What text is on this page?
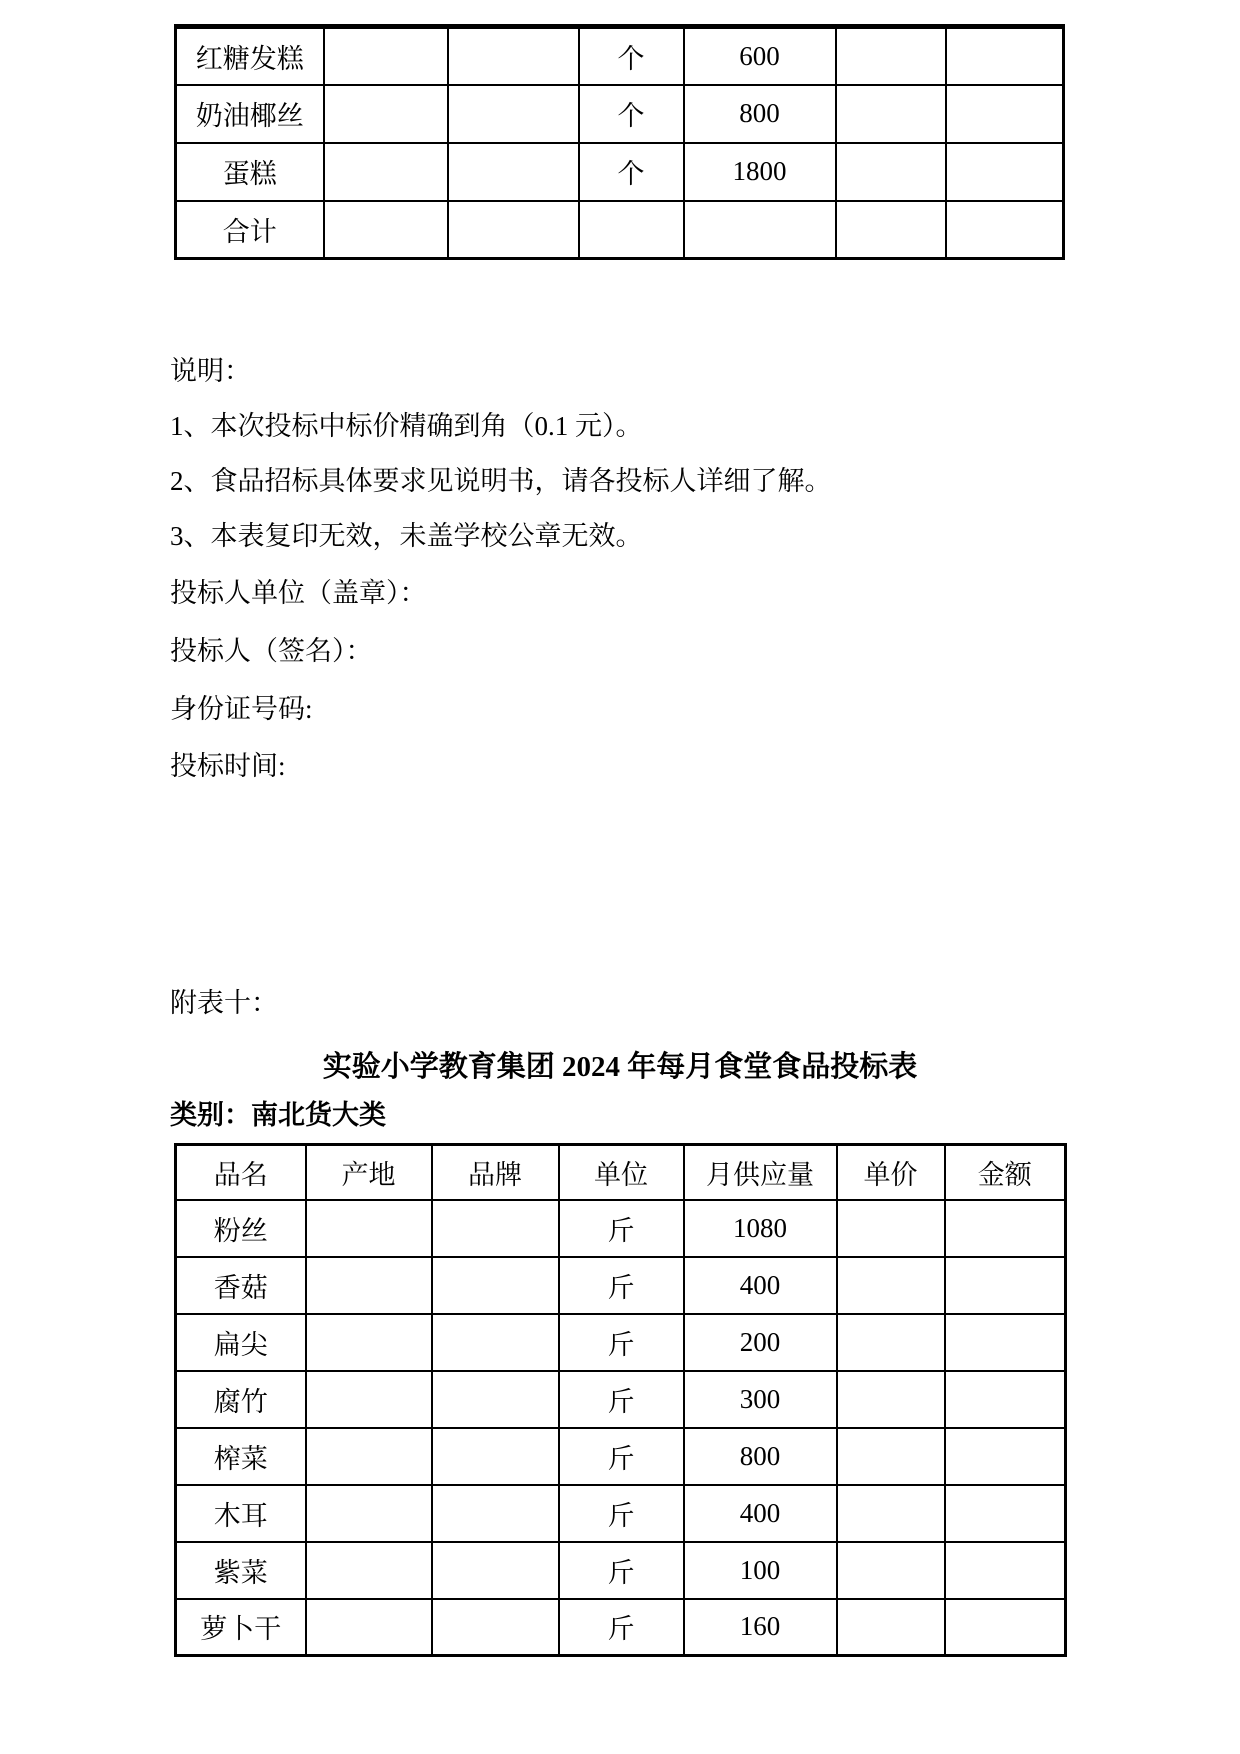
红糖发糕			个	600		
奶油椰丝			个	800		
蛋糕			个	1800		
合计						
说明：
1、本次投标中标价精确到角（0.1 元）。
2、食品招标具体要求见说明书，请各投标人详细了解。
3、本表复印无效，未盖学校公章无效。
投标人单位（盖章）：
投标人（签名）：
身份证号码:
投标时间:
附表十：
实验小学教育集团 2024 年每月食堂食品投标表
类别：南北货大类
品名	产地	品牌	单位	月供应量	单价	金额
粉丝			斤	1080		
香菇			斤	400		
扁尖			斤	200		
腐竹			斤	300		
榨菜			斤	800		
木耳			斤	400		
紫菜			斤	100		
萝卜干			斤	160		
